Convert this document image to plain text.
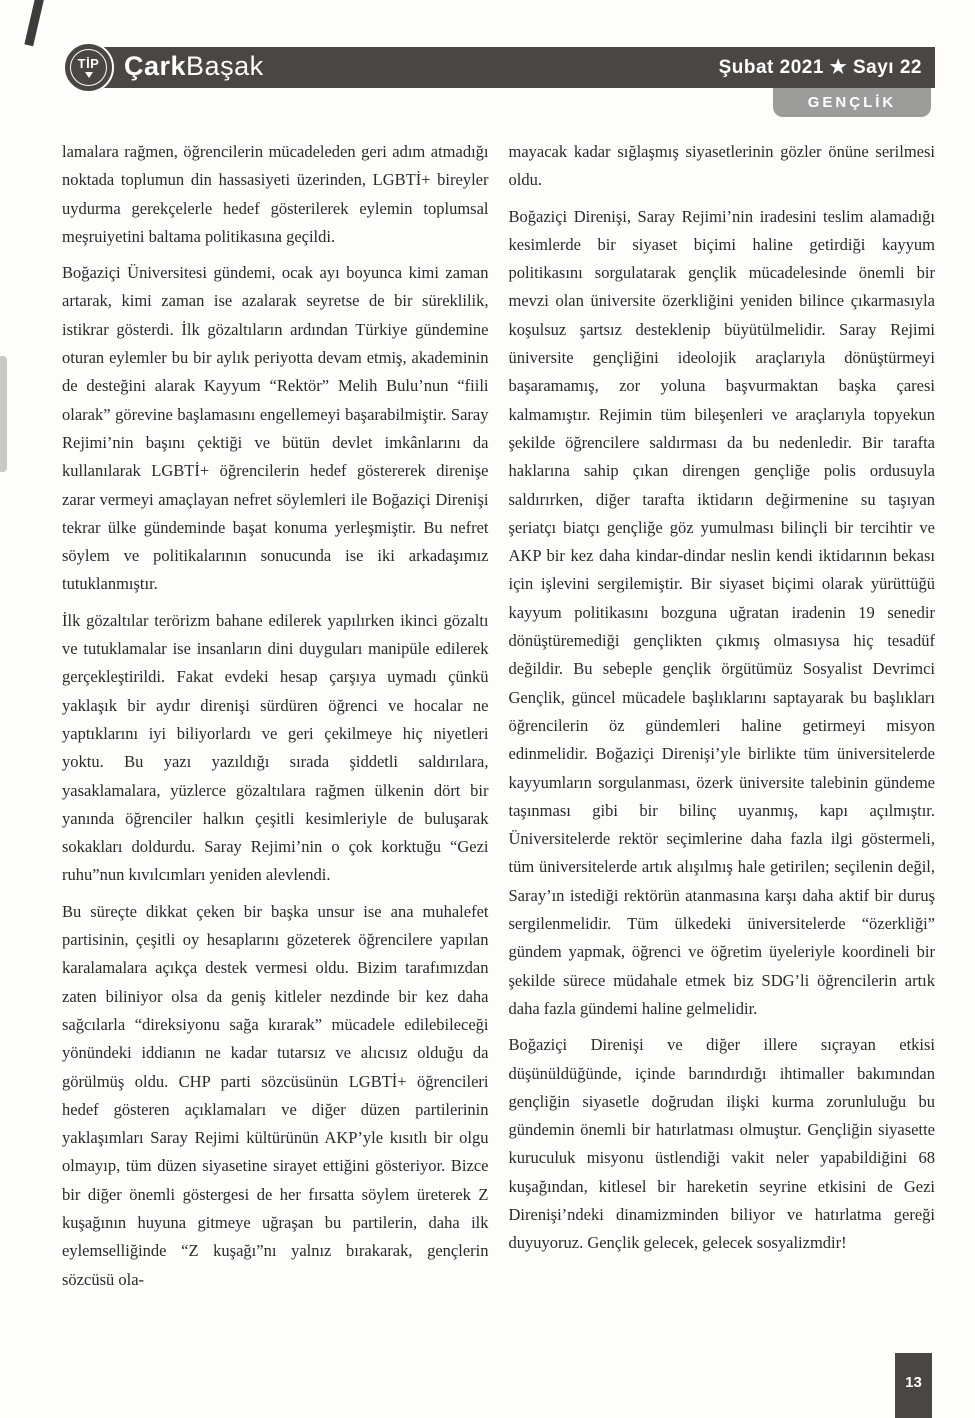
TİP ÇarkBaşak	Şubat 2021 ★ Sayı 22
GENÇLİK

lamalara rağmen, öğrencilerin mücadeleden geri adım atmadığı noktada toplumun din hassasiyeti üzerinden, LGBTİ+ bireyler uydurma gerekçelerle hedef gösterilerek eylemin toplumsal meşruiyetini baltama politikasına geçildi.

Boğaziçi Üniversitesi gündemi, ocak ayı boyunca kimi zaman artarak, kimi zaman ise azalarak seyretse de bir süreklilik, istikrar gösterdi. İlk gözaltıların ardından Türkiye gündemine oturan eylemler bu bir aylık periyotta devam etmiş, akademinin de desteğini alarak Kayyum “Rektör” Melih Bulu’nun “fiili olarak” görevine başlamasını engellemeyi başarabilmiştir. Saray Rejimi’nin başını çektiği ve bütün devlet imkânlarını da kullanılarak LGBTİ+ öğrencilerin hedef göstererek direnişe zarar vermeyi amaçlayan nefret söylemleri ile Boğaziçi Direnişi tekrar ülke gündeminde başat konuma yerleşmiştir. Bu nefret söylem ve politikalarının sonucunda ise iki arkadaşımız tutuklanmıştır.

İlk gözaltılar terörizm bahane edilerek yapılırken ikinci gözaltı ve tutuklamalar ise insanların dini duyguları manipüle edilerek gerçekleştirildi. Fakat evdeki hesap çarşıya uymadı çünkü yaklaşık bir aydır direnişi sürdüren öğrenci ve hocalar ne yaptıklarını iyi biliyorlardı ve geri çekilmeye hiç niyetleri yoktu. Bu yazı yazıldığı sırada şiddetli saldırılara, yasaklamalara, yüzlerce gözaltılara rağmen ülkenin dört bir yanında öğrenciler halkın çeşitli kesimleriyle de buluşarak sokakları doldurdu. Saray Rejimi’nin o çok korktuğu “Gezi ruhu”nun kıvılcımları yeniden alevlendi.

Bu süreçte dikkat çeken bir başka unsur ise ana muhalefet partisinin, çeşitli oy hesaplarını gözeterek öğrencilere yapılan karalamalara açıkça destek vermesi oldu. Bizim tarafımızdan zaten biliniyor olsa da geniş kitleler nezdinde bir kez daha sağcılarla “direksiyonu sağa kırarak” mücadele edilebileceği yönündeki iddianın ne kadar tutarsız ve alıcısız olduğu da görülmüş oldu. CHP parti sözcüsünün LGBTİ+ öğrencileri hedef gösteren açıklamaları ve diğer düzen partilerinin yaklaşımları Saray Rejimi kültürünün AKP’yle kısıtlı bir olgu olmayıp, tüm düzen siyasetine sirayet ettiğini gösteriyor. Bizce bir diğer önemli göstergesi de her fırsatta söylem üreterek Z kuşağının huyuna gitmeye uğraşan bu partilerin, daha ilk eylemselliğinde “Z kuşağı”nı yalnız bırakarak, gençlerin sözcüsü ola-

mayacak kadar sığlaşmış siyasetlerinin gözler önüne serilmesi oldu.

Boğaziçi Direnişi, Saray Rejimi’nin iradesini teslim alamadığı kesimlerde bir siyaset biçimi haline getirdiği kayyum politikasını sorgulatarak gençlik mücadelesinde önemli bir mevzi olan üniversite özerkliğini yeniden bilince çıkarmasıyla koşulsuz şartsız desteklenip büyütülmelidir. Saray Rejimi üniversite gençliğini ideolojik araçlarıyla dönüştürmeyi başaramamış, zor yoluna başvurmaktan başka çaresi kalmamıştır. Rejimin tüm bileşenleri ve araçlarıyla topyekun şekilde öğrencilere saldırması da bu nedenledir. Bir tarafta haklarına sahip çıkan direngen gençliğe polis ordusuyla saldırırken, diğer tarafta iktidarın değirmenine su taşıyan şeriatçı biatçı gençliğe göz yumulması bilinçli bir tercihtir ve AKP bir kez daha kindar-dindar neslin kendi iktidarının bekası için işlevini sergilemiştir. Bir siyaset biçimi olarak yürüttüğü kayyum politikasını bozguna uğratan iradenin 19 senedir dönüştüremediği gençlikten çıkmış olmasıysa hiç tesadüf değildir. Bu sebeple gençlik örgütümüz Sosyalist Devrimci Gençlik, güncel mücadele başlıklarını saptayarak bu başlıkları öğrencilerin öz gündemleri haline getirmeyi misyon edinmelidir. Boğaziçi Direnişi’yle birlikte tüm üniversitelerde kayyumların sorgulanması, özerk üniversite talebinin gündeme taşınması gibi bir bilinç uyanmış, kapı açılmıştır. Üniversitelerde rektör seçimlerine daha fazla ilgi göstermeli, tüm üniversitelerde artık alışılmış hale getirilen; seçilenin değil, Saray’ın istediği rektörün atanmasına karşı daha aktif bir duruş sergilenmelidir. Tüm ülkedeki üniversitelerde “özerkliği” gündem yapmak, öğrenci ve öğretim üyeleriyle koordineli bir şekilde sürece müdahale etmek biz SDG’li öğrencilerin artık daha fazla gündemi haline gelmelidir.

Boğaziçi Direnişi ve diğer illere sıçrayan etkisi düşünüldüğünde, içinde barındırdığı ihtimaller bakımından gençliğin siyasetle doğrudan ilişki kurma zorunluluğu bu gündemin önemli bir hatırlatması olmuştur. Gençliğin siyasette kuruculuk misyonu üstlendiği vakit neler yapabildiğini 68 kuşağından, kitlesel bir hareketin seyrine etkisini de Gezi Direnişi’ndeki dinamizminden biliyor ve hatırlatma gereği duyuyoruz. Gençlik gelecek, gelecek sosyalizmdir!

13
